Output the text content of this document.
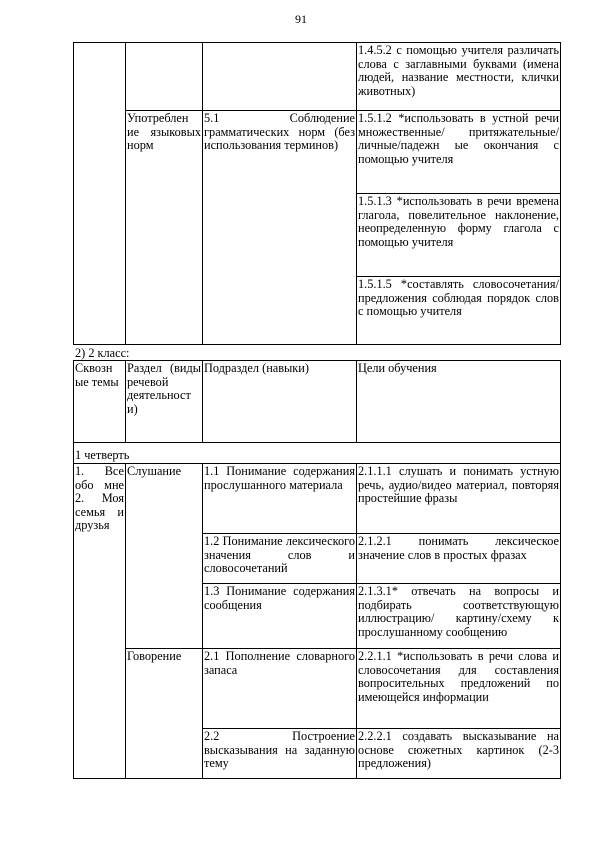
91
			1.4.5.2 с помощью учителя различать слова с заглавными буквами (имена людей, название местности, клички животных)
	Употреблен ие языковых норм	5.1 Соблюдение грамматических норм (без использования терминов)	1.5.1.2 *использовать в устной речи множественные/ притяжательные/личные/падежн ые окончания с помощью учителя
			1.5.1.3 *использовать в речи времена глагола, повелительное наклонение, неопределенную форму глагола с помощью учителя
			1.5.1.5 *составлять словосочетания/ предложения соблюдая порядок слов с помощью учителя
2) 2 класс:
Сквозн ые темы	Раздел (виды речевой деятельност и)	Подраздел (навыки)	Цели обучения
1 четверть			
1. Все обо мне 2. Моя семья и друзья	Слушание	1.1 Понимание содержания прослушанного материала	2.1.1.1 слушать и понимать устную речь, аудио/видео материал, повторяя простейшие фразы
		1.2 Понимание лексического значения слов и словосочетаний	2.1.2.1 понимать лексическое значение слов в простых фразах
		1.3 Понимание содержания сообщения	2.1.3.1* отвечать на вопросы и подбирать соответствующую иллюстрацию/ картину/схему к прослушанному сообщению
	Говорение	2.1 Пополнение словарного запаса	2.2.1.1 *использовать в речи слова и словосочетания для составления вопросительных предложений по имеющейся информации
		2.2 Построение высказывания на заданную тему	2.2.2.1 создавать высказывание на основе сюжетных картинок (2-3 предложения)
